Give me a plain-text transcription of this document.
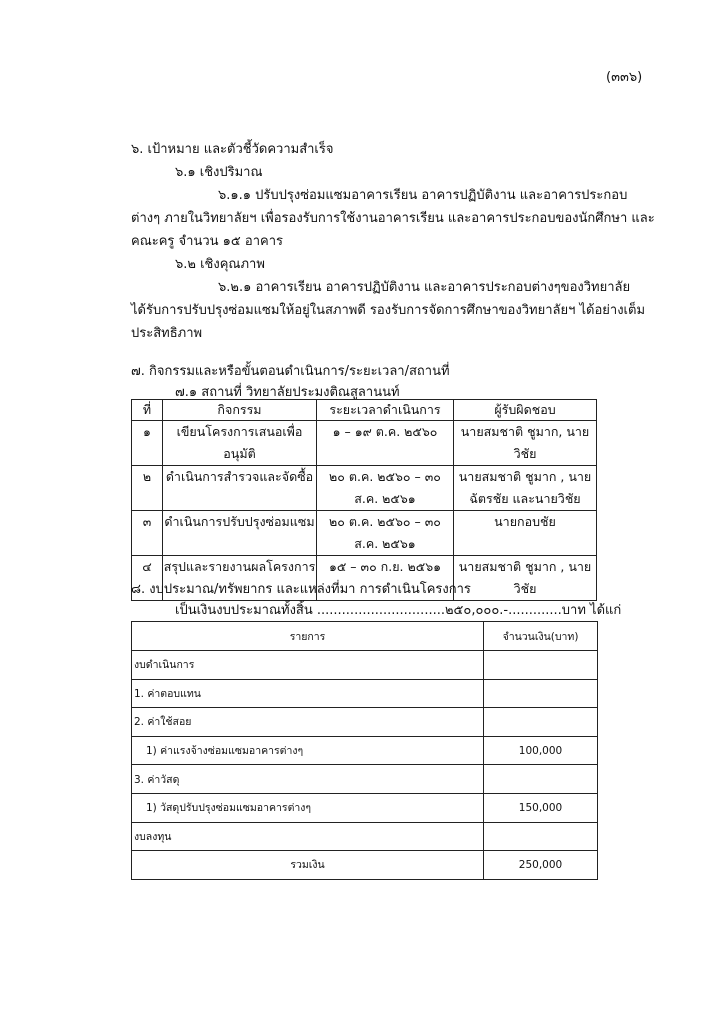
(๓๓๖)
๖. เป้าหมาย และตัวชี้วัดความสำเร็จ
๖.๑ เชิงปริมาณ
๖.๑.๑ ปรับปรุงซ่อมแซมอาคารเรียน อาคารปฏิบัติงาน และอาคารประกอบ
ต่างๆ ภายในวิทยาลัยฯ เพื่อรองรับการใช้งานอาคารเรียน และอาคารประกอบของนักศึกษา และ
คณะครู จำนวน ๑๕ อาคาร
๖.๒ เชิงคุณภาพ
๖.๒.๑ อาคารเรียน อาคารปฏิบัติงาน และอาคารประกอบต่างๆของวิทยาลัย
ได้รับการปรับปรุงซ่อมแซมให้อยู่ในสภาพดี รองรับการจัดการศึกษาของวิทยาลัยฯ ได้อย่างเต็ม
ประสิทธิภาพ
๗. กิจกรรมและหรือขั้นตอนดำเนินการ/ระยะเวลา/สถานที่
๗.๑ สถานที่ วิทยาลัยประมงติณสูลานนท์
ที่	กิจกรรม	ระยะเวลาดำเนินการ	ผู้รับผิดชอบ
๑	เขียนโครงการเสนอเพื่ออนุมัติ	๑ – ๑๙ ต.ค. ๒๕๖๐	นายสมชาติ ชูมาก, นายวิชัย
๒	ดำเนินการสำรวจและจัดซื้อ	๒๐ ต.ค. ๒๕๖๐ – ๓๐ ส.ค. ๒๕๖๑	นายสมชาติ ชูมาก , นายฉัตรชัย และนายวิชัย
๓	ดำเนินการปรับปรุงซ่อมแซม	๒๐ ต.ค. ๒๕๖๐ – ๓๐ ส.ค. ๒๕๖๑	นายกอบชัย
๔	สรุปและรายงานผลโครงการ	๑๕ – ๓๐ ก.ย. ๒๕๖๑	นายสมชาติ ชูมาก , นายวิชัย
๘. งบประมาณ/ทรัพยากร และแหล่งที่มา การดำเนินโครงการ
เป็นเงินงบประมาณทั้งสิ้น ...............................๒๕๐,๐๐๐.-.............บาท ได้แก่
รายการ	จำนวนเงิน(บาท)
งบดำเนินการ	
1. ค่าตอบแทน	
2. ค่าใช้สอย	
1) ค่าแรงจ้างซ่อมแซมอาคารต่างๆ	100,000
3. ค่าวัสดุ	
1) วัสดุปรับปรุงซ่อมแซมอาคารต่างๆ	150,000
งบลงทุน	
รวมเงิน	250,000
